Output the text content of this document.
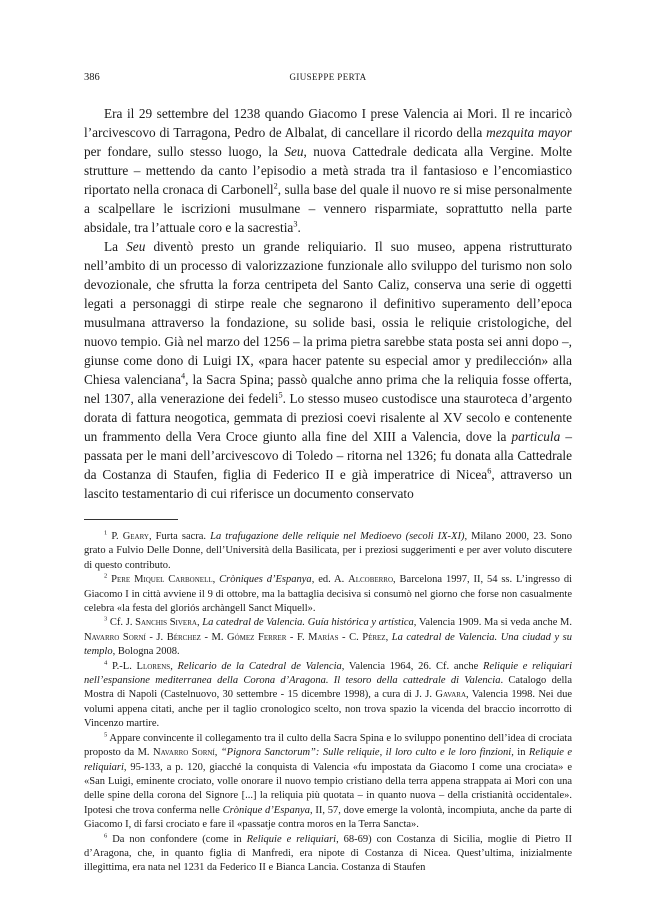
386	GIUSEPPE PERTA

Era il 29 settembre del 1238 quando Giacomo I prese Valencia ai Mori. Il re incaricò l’arcivescovo di Tarragona, Pedro de Albalat, di cancellare il ricordo della mezquita mayor per fondare, sullo stesso luogo, la Seu, nuova Cattedrale dedicata alla Vergine. Molte strutture – mettendo da canto l’episodio a metà strada tra il fantasioso e l’encomiastico riportato nella cronaca di Carbonell$^2$, sulla base del quale il nuovo re si mise personalmente a scalpellare le iscrizioni musulmane – vennero risparmiate, soprattutto nella parte absidale, tra l’attuale coro e la sacrestia$^3$.

La Seu diventò presto un grande reliquiario. Il suo museo, appena ristrutturato nell’ambito di un processo di valorizzazione funzionale allo sviluppo del turismo non solo devozionale, che sfrutta la forza centripeta del Santo Caliz, conserva una serie di oggetti legati a personaggi di stirpe reale che segnarono il definitivo superamento dell’epoca musulmana attraverso la fondazione, su solide basi, ossia le reliquie cristologiche, del nuovo tempio. Già nel marzo del 1256 – la prima pietra sarebbe stata posta sei anni dopo –, giunse come dono di Luigi IX, «para hacer patente su especial amor y predilección» alla Chiesa valenciana$^4$, la Sacra Spina; passò qualche anno prima che la reliquia fosse offerta, nel 1307, alla venerazione dei fedeli$^5$. Lo stesso museo custodisce una stauroteca d’argento dorata di fattura neogotica, gemmata di preziosi coevi risalente al XV secolo e contenente un frammento della Vera Croce giunto alla fine del XIII a Valencia, dove la particula – passata per le mani dell’arcivescovo di Toledo – ritorna nel 1326; fu donata alla Cattedrale da Costanza di Staufen, figlia di Federico II e già imperatrice di Nicea$^6$, attraverso un lascito testamentario di cui riferisce un documento conservato

$^1$ P. Geary, Furta sacra. La trafugazione delle reliquie nel Medioevo (secoli IX-XI), Milano 2000, 23. Sono grato a Fulvio Delle Donne, dell’Università della Basilicata, per i preziosi suggerimenti e per aver voluto discutere di questo contributo.

$^2$ Pere Miquel Carbonell, Cròniques d’Espanya, ed. A. Alcoberro, Barcelona 1997, II, 54 ss. L’ingresso di Giacomo I in città avviene il 9 di ottobre, ma la battaglia decisiva si consumò nel giorno che forse non casualmente celebra «la festa del gloriós archàngell Sanct Miquell».

$^3$ Cf. J. Sanchis Sivera, La catedral de Valencia. Guía histórica y artística, Valencia 1909. Ma si veda anche M. Navarro Sorní - J. Bérchez - M. Gómez Ferrer - F. Marías - C. Pérez, La catedral de Valencia. Una ciudad y su templo, Bologna 2008.

$^4$ P.-L. Llorens, Relicario de la Catedral de Valencia, Valencia 1964, 26. Cf. anche Reliquie e reliquiari nell’espansione mediterranea della Corona d’Aragona. Il tesoro della cattedrale di Valencia. Catalogo della Mostra di Napoli (Castelnuovo, 30 settembre - 15 dicembre 1998), a cura di J. J. Gavara, Valencia 1998. Nei due volumi appena citati, anche per il taglio cronologico scelto, non trova spazio la vicenda del braccio incorrotto di Vincenzo martire.

$^5$ Appare convincente il collegamento tra il culto della Sacra Spina e lo sviluppo ponentino dell’idea di crociata proposto da M. Navarro Sorní, “Pignora Sanctorum”: Sulle reliquie, il loro culto e le loro finzioni, in Reliquie e reliquiari, 95-133, a p. 120, giacché la conquista di Valencia «fu impostata da Giacomo I come una crociata» e «San Luigi, eminente crociato, volle onorare il nuovo tempio cristiano della terra appena strappata ai Mori con una delle spine della corona del Signore [...] la reliquia più quotata – in quanto nuova – della cristianità occidentale». Ipotesi che trova conferma nelle Crònique d’Espanya, II, 57, dove emerge la volontà, incompiuta, anche da parte di Giacomo I, di farsi crociato e fare il «passatje contra moros en la Terra Sancta».

$^6$ Da non confondere (come in Reliquie e reliquiari, 68-69) con Costanza di Sicilia, moglie di Pietro II d’Aragona, che, in quanto figlia di Manfredi, era nipote di Costanza di Nicea. Quest’ultima, inizialmente illegittima, era nata nel 1231 da Federico II e Bianca Lancia. Costanza di Staufen
